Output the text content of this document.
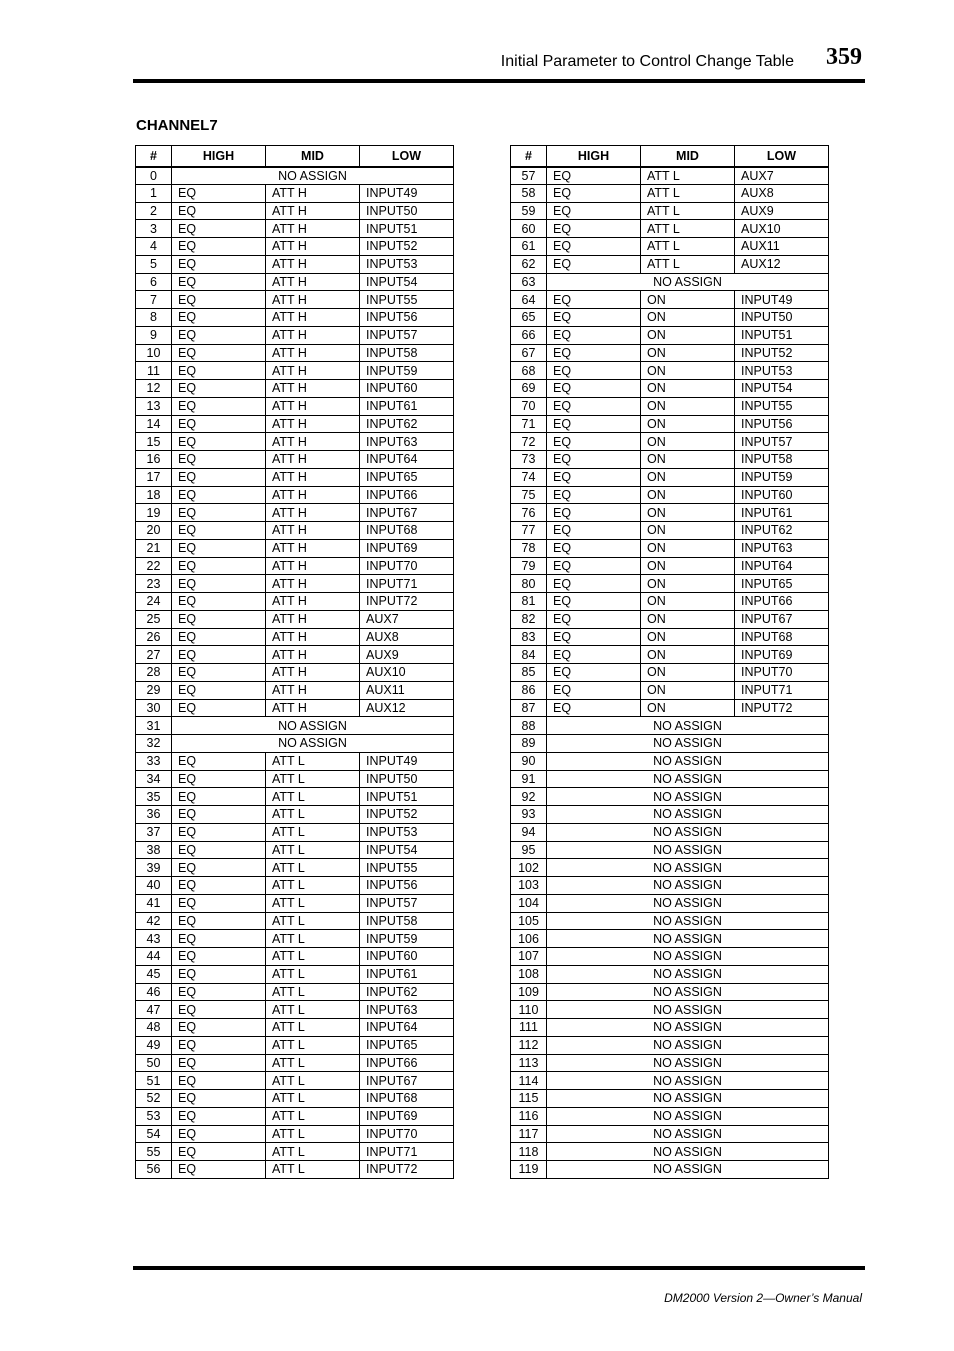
Initial Parameter to Control Change Table 359
CHANNEL7
#	HIGH	MID	LOW
0	NO ASSIGN		
1	EQ	ATT H	INPUT49
2	EQ	ATT H	INPUT50
3	EQ	ATT H	INPUT51
4	EQ	ATT H	INPUT52
5	EQ	ATT H	INPUT53
6	EQ	ATT H	INPUT54
7	EQ	ATT H	INPUT55
8	EQ	ATT H	INPUT56
9	EQ	ATT H	INPUT57
10	EQ	ATT H	INPUT58
11	EQ	ATT H	INPUT59
12	EQ	ATT H	INPUT60
13	EQ	ATT H	INPUT61
14	EQ	ATT H	INPUT62
15	EQ	ATT H	INPUT63
16	EQ	ATT H	INPUT64
17	EQ	ATT H	INPUT65
18	EQ	ATT H	INPUT66
19	EQ	ATT H	INPUT67
20	EQ	ATT H	INPUT68
21	EQ	ATT H	INPUT69
22	EQ	ATT H	INPUT70
23	EQ	ATT H	INPUT71
24	EQ	ATT H	INPUT72
25	EQ	ATT H	AUX7
26	EQ	ATT H	AUX8
27	EQ	ATT H	AUX9
28	EQ	ATT H	AUX10
29	EQ	ATT H	AUX11
30	EQ	ATT H	AUX12
31	NO ASSIGN		
32	NO ASSIGN		
33	EQ	ATT L	INPUT49
34	EQ	ATT L	INPUT50
35	EQ	ATT L	INPUT51
36	EQ	ATT L	INPUT52
37	EQ	ATT L	INPUT53
38	EQ	ATT L	INPUT54
39	EQ	ATT L	INPUT55
40	EQ	ATT L	INPUT56
41	EQ	ATT L	INPUT57
42	EQ	ATT L	INPUT58
43	EQ	ATT L	INPUT59
44	EQ	ATT L	INPUT60
45	EQ	ATT L	INPUT61
46	EQ	ATT L	INPUT62
47	EQ	ATT L	INPUT63
48	EQ	ATT L	INPUT64
49	EQ	ATT L	INPUT65
50	EQ	ATT L	INPUT66
51	EQ	ATT L	INPUT67
52	EQ	ATT L	INPUT68
53	EQ	ATT L	INPUT69
54	EQ	ATT L	INPUT70
55	EQ	ATT L	INPUT71
56	EQ	ATT L	INPUT72
#	HIGH	MID	LOW
57	EQ	ATT L	AUX7
58	EQ	ATT L	AUX8
59	EQ	ATT L	AUX9
60	EQ	ATT L	AUX10
61	EQ	ATT L	AUX11
62	EQ	ATT L	AUX12
63	NO ASSIGN		
64	EQ	ON	INPUT49
65	EQ	ON	INPUT50
66	EQ	ON	INPUT51
67	EQ	ON	INPUT52
68	EQ	ON	INPUT53
69	EQ	ON	INPUT54
70	EQ	ON	INPUT55
71	EQ	ON	INPUT56
72	EQ	ON	INPUT57
73	EQ	ON	INPUT58
74	EQ	ON	INPUT59
75	EQ	ON	INPUT60
76	EQ	ON	INPUT61
77	EQ	ON	INPUT62
78	EQ	ON	INPUT63
79	EQ	ON	INPUT64
80	EQ	ON	INPUT65
81	EQ	ON	INPUT66
82	EQ	ON	INPUT67
83	EQ	ON	INPUT68
84	EQ	ON	INPUT69
85	EQ	ON	INPUT70
86	EQ	ON	INPUT71
87	EQ	ON	INPUT72
88	NO ASSIGN		
89	NO ASSIGN		
90	NO ASSIGN		
91	NO ASSIGN		
92	NO ASSIGN		
93	NO ASSIGN		
94	NO ASSIGN		
95	NO ASSIGN		
102	NO ASSIGN		
103	NO ASSIGN		
104	NO ASSIGN		
105	NO ASSIGN		
106	NO ASSIGN		
107	NO ASSIGN		
108	NO ASSIGN		
109	NO ASSIGN		
110	NO ASSIGN		
111	NO ASSIGN		
112	NO ASSIGN		
113	NO ASSIGN		
114	NO ASSIGN		
115	NO ASSIGN		
116	NO ASSIGN		
117	NO ASSIGN		
118	NO ASSIGN		
119	NO ASSIGN		
DM2000 Version 2—Owner’s Manual
